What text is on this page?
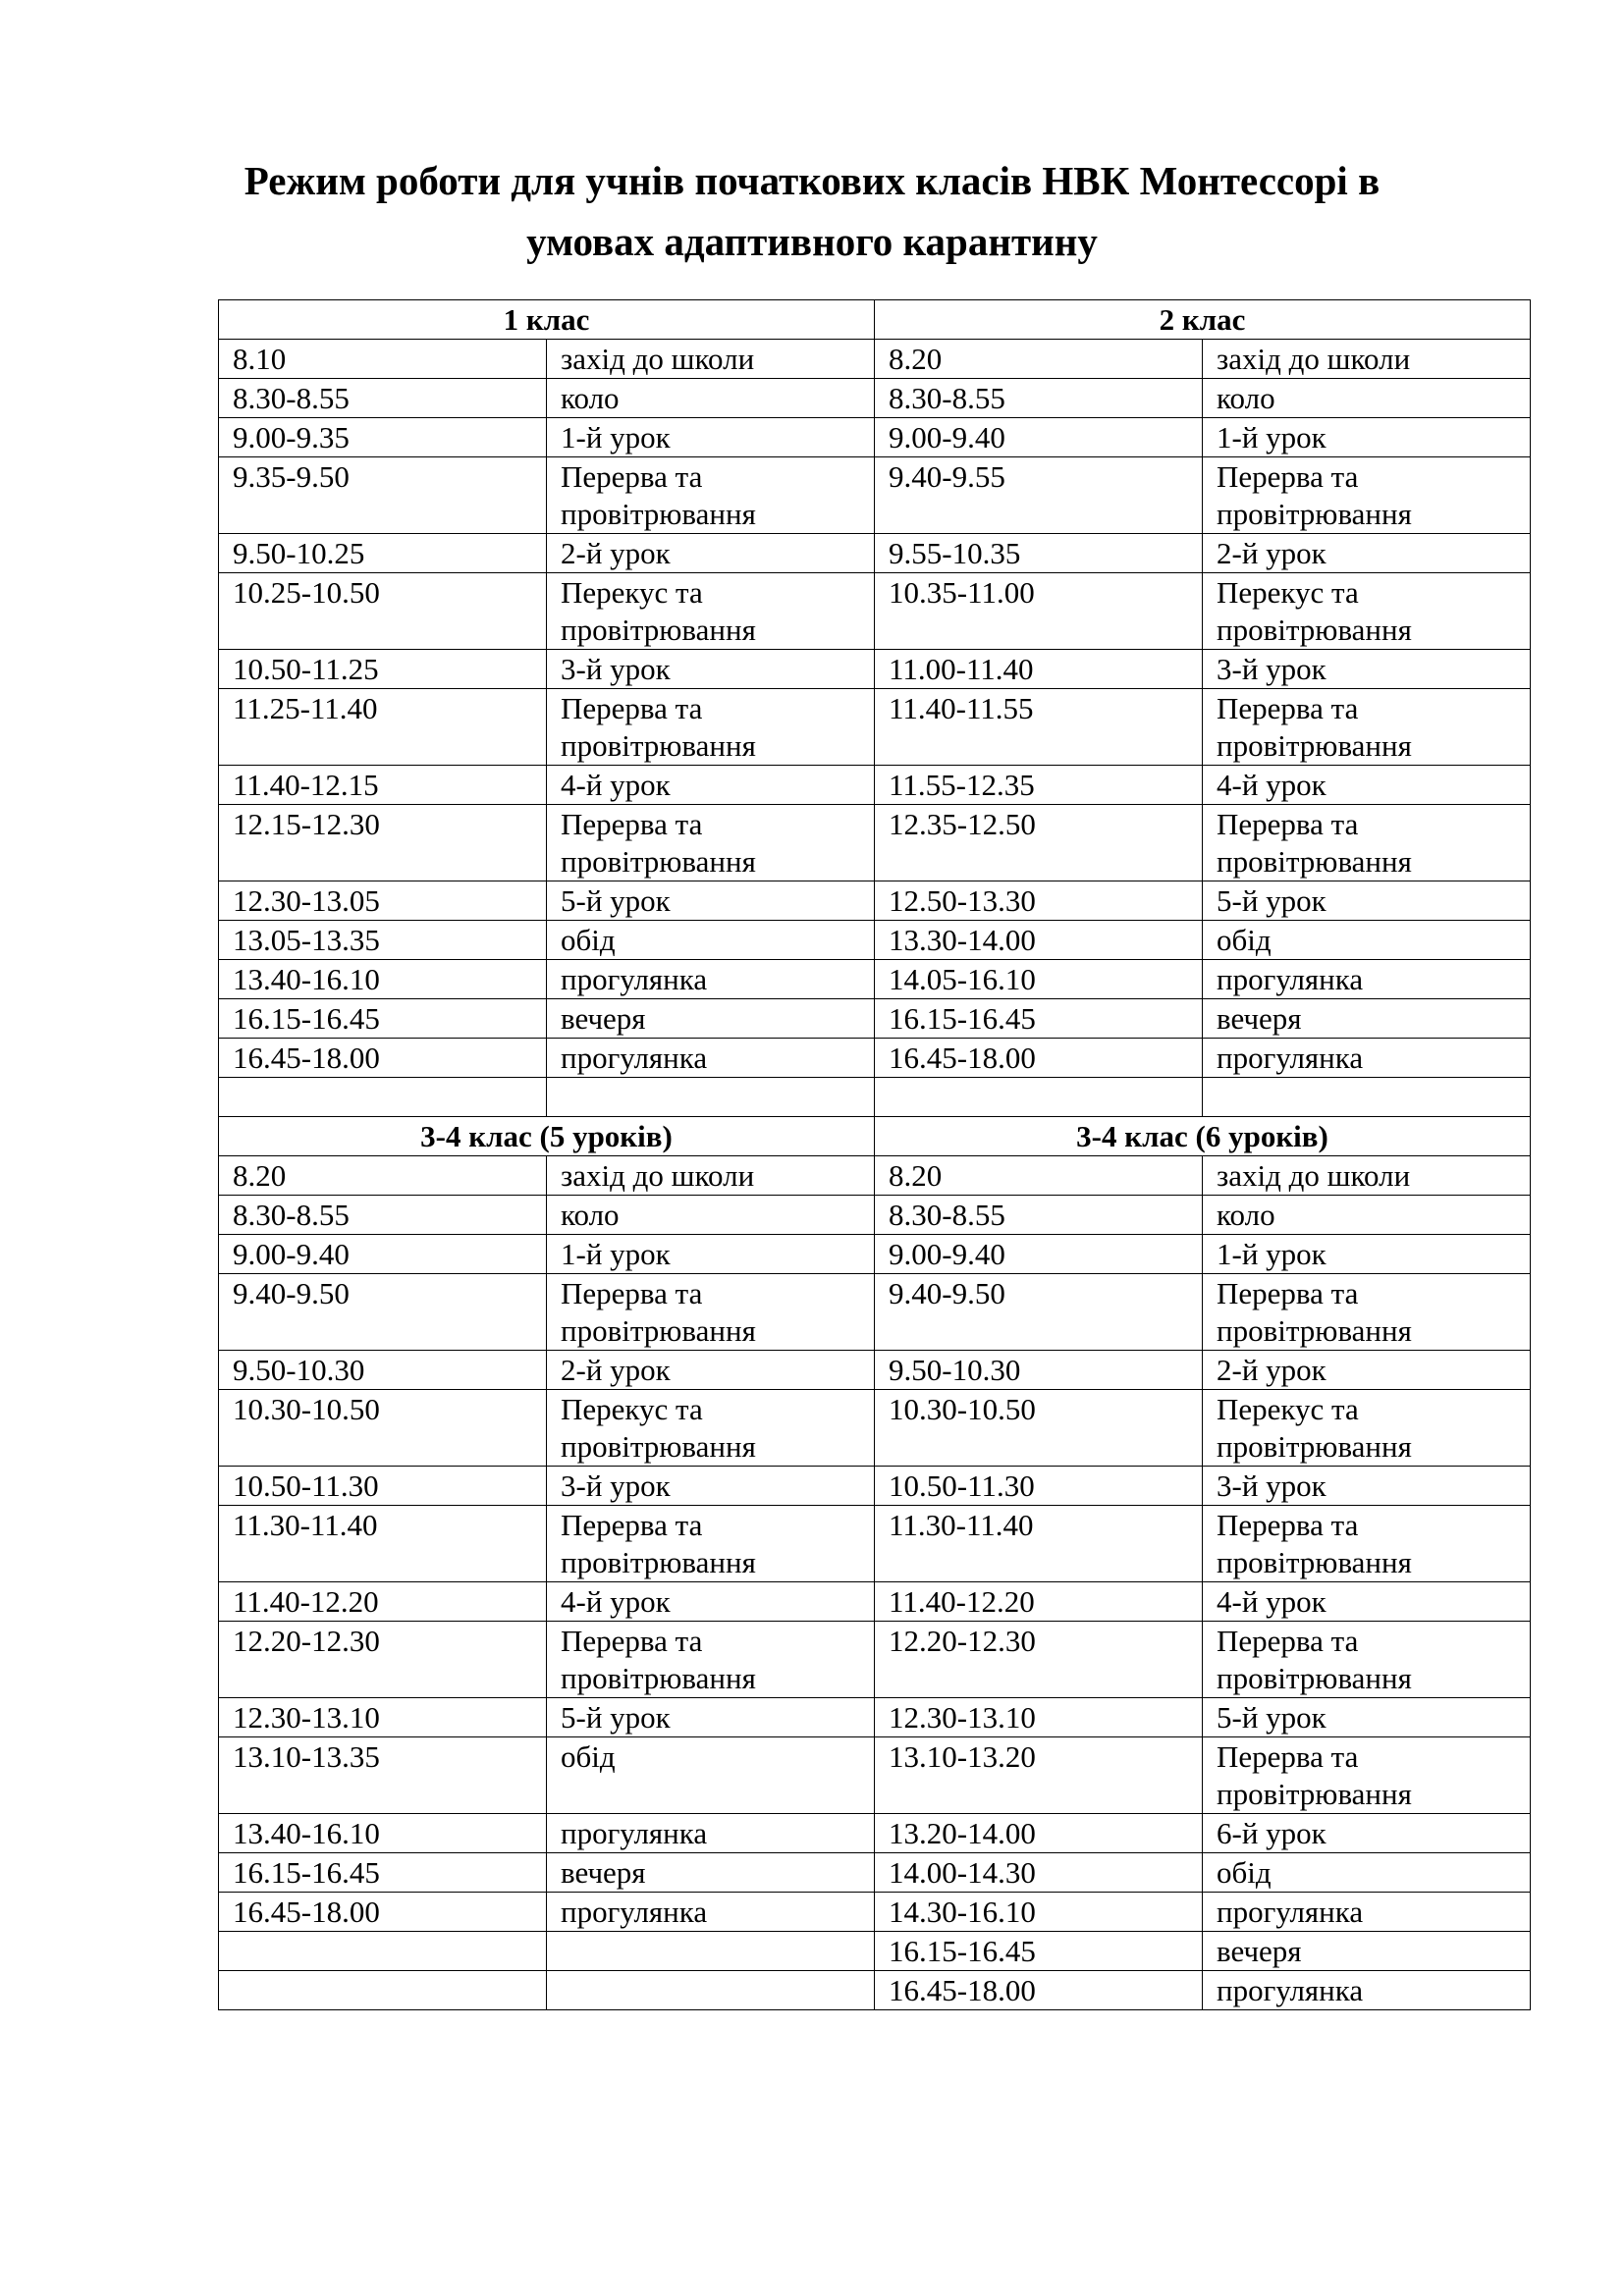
Режим роботи для учнів початкових класів НВК Монтессорі в
умовах адаптивного карантину
1 клас		2 клас	
8.10	захід до школи	8.20	захід до школи
8.30-8.55	коло	8.30-8.55	коло
9.00-9.35	1-й урок	9.00-9.40	1-й урок
9.35-9.50	Перерва та провітрювання	9.40-9.55	Перерва та провітрювання
9.50-10.25	2-й урок	9.55-10.35	2-й урок
10.25-10.50	Перекус та провітрювання	10.35-11.00	Перекус та провітрювання
10.50-11.25	3-й урок	11.00-11.40	3-й урок
11.25-11.40	Перерва та провітрювання	11.40-11.55	Перерва та провітрювання
11.40-12.15	4-й урок	11.55-12.35	4-й урок
12.15-12.30	Перерва та провітрювання	12.35-12.50	Перерва та провітрювання
12.30-13.05	5-й урок	12.50-13.30	5-й урок
13.05-13.35	обід	13.30-14.00	обід
13.40-16.10	прогулянка	14.05-16.10	прогулянка
16.15-16.45	вечеря	16.15-16.45	вечеря
16.45-18.00	прогулянка	16.45-18.00	прогулянка

3-4 клас (5 уроків)		3-4 клас (6 уроків)	
8.20	захід до школи	8.20	захід до школи
8.30-8.55	коло	8.30-8.55	коло
9.00-9.40	1-й урок	9.00-9.40	1-й урок
9.40-9.50	Перерва та провітрювання	9.40-9.50	Перерва та провітрювання
9.50-10.30	2-й урок	9.50-10.30	2-й урок
10.30-10.50	Перекус та провітрювання	10.30-10.50	Перекус та провітрювання
10.50-11.30	3-й урок	10.50-11.30	3-й урок
11.30-11.40	Перерва та провітрювання	11.30-11.40	Перерва та провітрювання
11.40-12.20	4-й урок	11.40-12.20	4-й урок
12.20-12.30	Перерва та провітрювання	12.20-12.30	Перерва та провітрювання
12.30-13.10	5-й урок	12.30-13.10	5-й урок
13.10-13.35	обід	13.10-13.20	Перерва та провітрювання
13.40-16.10	прогулянка	13.20-14.00	6-й урок
16.15-16.45	вечеря	14.00-14.30	обід
16.45-18.00	прогулянка	14.30-16.10	прогулянка
		16.15-16.45	вечеря
		16.45-18.00	прогулянка
